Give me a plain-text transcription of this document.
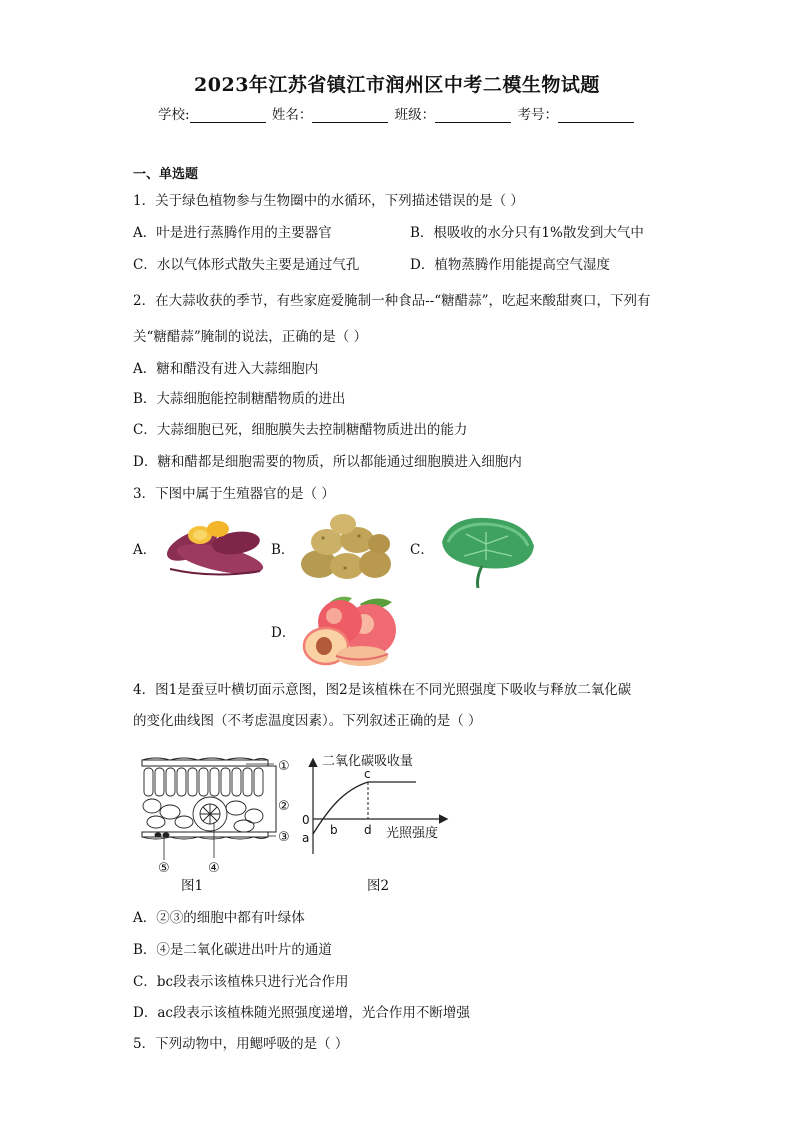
2023年江苏省镇江市润州区中考二模生物试题
学校:	姓名：	班级：	考号：
一、单选题
1．关于绿色植物参与生物圈中的水循环，下列描述错误的是（ ）
A．叶是进行蒸腾作用的主要器官	B．根吸收的水分只有1%散发到大气中
C．水以气体形式散失主要是通过气孔	D．植物蒸腾作用能提高空气湿度
2．在大蒜收获的季节，有些家庭爱腌制一种食品--“糖醋蒜”，吃起来酸甜爽口，下列有
关“糖醋蒜”腌制的说法，正确的是（ ）
A．糖和醋没有进入大蒜细胞内
B．大蒜细胞能控制糖醋物质的进出
C．大蒜细胞已死，细胞膜失去控制糖醋物质进出的能力
D．糖和醋都是细胞需要的物质，所以都能通过细胞膜进入细胞内
3．下图中属于生殖器官的是（ ）
A．	B．	C．
D．
4．图1是蚕豆叶横切面示意图，图2是该植株在不同光照强度下吸收与释放二氧化碳
的变化曲线图（不考虑温度因素）。下列叙述正确的是（ ）
①
②
③
④
⑤
图1
二氧化碳吸收量
光照强度
0
a
b
c
d
图2
A．②③的细胞中都有叶绿体
B．④是二氧化碳进出叶片的通道
C．bc段表示该植株只进行光合作用
D．ac段表示该植株随光照强度递增，光合作用不断增强
5．下列动物中，用鳃呼吸的是（ ）
